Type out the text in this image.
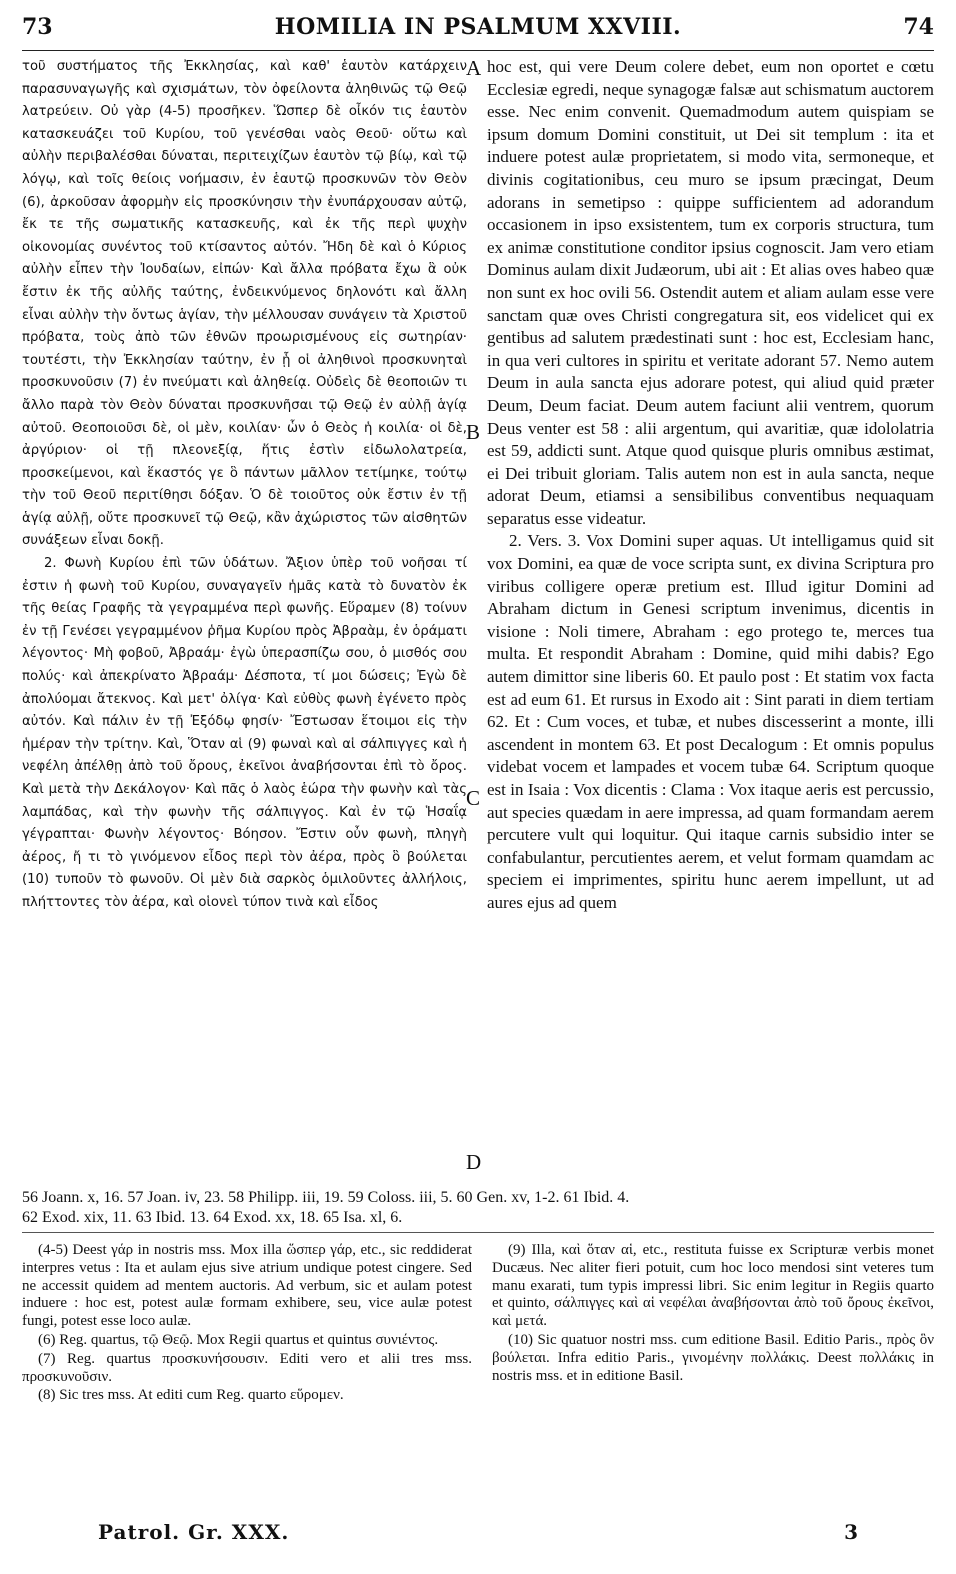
73	HOMILIA IN PSALMUM XXVIII.	74

τοῦ συστήματος τῆς Ἐκκλησίας, καὶ καθ' ἑαυτὸν κατάρχειν παρασυναγωγῆς καὶ σχισμάτων, τὸν ὀφείλοντα ἀληθινῶς τῷ Θεῷ λατρεύειν. Οὐ γὰρ (4-5) προσῆκεν. Ὥσπερ δὲ οἶκόν τις ἑαυτὸν κατασκευάζει τοῦ Κυρίου, τοῦ γενέσθαι ναὸς Θεοῦ· οὕτω καὶ αὐλὴν περιβαλέσθαι δύναται, περιτειχίζων ἑαυτὸν τῷ βίῳ, καὶ τῷ λόγῳ, καὶ τοῖς θείοις νοήμασιν, ἐν ἑαυτῷ προσκυνῶν τὸν Θεὸν (6), ἀρκοῦσαν ἀφορμὴν εἰς προσκύνησιν τὴν ἐνυπάρχουσαν αὐτῷ, ἔκ τε τῆς σωματικῆς κατασκευῆς, καὶ ἐκ τῆς περὶ ψυχὴν οἰκονομίας συνέντος τοῦ κτίσαντος αὐτόν. Ἤδη δὲ καὶ ὁ Κύριος αὐλὴν εἶπεν τὴν Ἰουδαίων, εἰπών· Καὶ ἄλλα πρόβατα ἔχω ἃ οὐκ ἔστιν ἐκ τῆς αὐλῆς ταύτης, ἐνδεικνύμενος δηλονότι καὶ ἄλλη εἶναι αὐλὴν τὴν ὄντως ἁγίαν, τὴν μέλλουσαν συνάγειν τὰ Χριστοῦ πρόβατα, τοὺς ἀπὸ τῶν ἐθνῶν προωρισμένους εἰς σωτηρίαν· τουτέστι, τὴν Ἐκκλησίαν ταύτην, ἐν ᾗ οἱ ἀληθινοὶ προσκυνηταὶ προσκυνοῦσιν (7) ἐν πνεύματι καὶ ἀληθείᾳ. Οὐδεὶς δὲ θεοποιῶν τι ἄλλο παρὰ τὸν Θεὸν δύναται προσκυνῆσαι τῷ Θεῷ ἐν αὐλῇ ἁγίᾳ αὐτοῦ. Θεοποιοῦσι δὲ, οἱ μὲν, κοιλίαν· ὧν ὁ Θεὸς ἡ κοιλία· οἱ δὲ, ἀργύριον· οἱ τῇ πλεονεξίᾳ, ἥτις ἐστὶν εἰδωλολατρεία, προσκείμενοι, καὶ ἕκαστός γε ὃ πάντων μᾶλλον τετίμηκε, τούτῳ τὴν τοῦ Θεοῦ περιτίθησι δόξαν. Ὁ δὲ τοιοῦτος οὐκ ἔστιν ἐν τῇ ἁγίᾳ αὐλῇ, οὔτε προσκυνεῖ τῷ Θεῷ, κἂν ἀχώριστος τῶν αἰσθητῶν συνάξεων εἶναι δοκῇ.

2. Φωνὴ Κυρίου ἐπὶ τῶν ὑδάτων. Ἄξιον ὑπὲρ τοῦ νοῆσαι τί ἐστιν ἡ φωνὴ τοῦ Κυρίου, συναγαγεῖν ἡμᾶς κατὰ τὸ δυνατὸν ἐκ τῆς θείας Γραφῆς τὰ γεγραμμένα περὶ φωνῆς. Εὕραμεν (8) τοίνυν ἐν τῇ Γενέσει γεγραμμένον ῥῆμα Κυρίου πρὸς Ἀβραὰμ, ἐν ὁράματι λέγοντος· Μὴ φοβοῦ, Ἀβραάμ· ἐγὼ ὑπερασπίζω σου, ὁ μισθός σου πολύς· καὶ ἀπεκρίνατο Ἀβραάμ· Δέσποτα, τί μοι δώσεις; Ἐγὼ δὲ ἀπολύομαι ἄτεκνος. Καὶ μετ' ὀλίγα· Καὶ εὐθὺς φωνὴ ἐγένετο πρὸς αὐτόν. Καὶ πάλιν ἐν τῇ Ἐξόδῳ φησίν· Ἔστωσαν ἕτοιμοι εἰς τὴν ἡμέραν τὴν τρίτην. Καὶ, Ὅταν αἱ (9) φωναὶ καὶ αἱ σάλπιγγες καὶ ἡ νεφέλη ἀπέλθῃ ἀπὸ τοῦ ὄρους, ἐκεῖνοι ἀναβήσονται ἐπὶ τὸ ὄρος. Καὶ μετὰ τὴν Δεκάλογον· Καὶ πᾶς ὁ λαὸς ἑώρα τὴν φωνὴν καὶ τὰς λαμπάδας, καὶ τὴν φωνὴν τῆς σάλπιγγος. Καὶ ἐν τῷ Ἡσαΐᾳ γέγραπται· Φωνὴν λέγοντος· Βόησον. Ἔστιν οὖν φωνὴ, πληγὴ ἀέρος, ἤ τι τὸ γινόμενον εἶδος περὶ τὸν ἀέρα, πρὸς ὃ βούλεται (10) τυποῦν τὸ φωνοῦν. Οἱ μὲν διὰ σαρκὸς ὁμιλοῦντες ἀλλήλοις, πλήττοντες τὸν ἀέρα, καὶ οἱονεὶ τύπον τινὰ καὶ εἶδος

A
B
C
D

hoc est, qui vere Deum colere debet, eum non oportet e cœtu Ecclesiæ egredi, neque synagogæ falsæ aut schismatum auctorem esse. Nec enim convenit. Quemadmodum autem quispiam se ipsum domum Domini constituit, ut Dei sit templum : ita et induere potest aulæ proprietatem, si modo vita, sermoneque, et divinis cogitationibus, ceu muro se ipsum præcingat, Deum adorans in semetipso : quippe sufficientem ad adorandum occasionem in ipso exsistentem, tum ex corporis structura, tum ex animæ constitutione conditor ipsius cognoscit. Jam vero etiam Dominus aulam dixit Judæorum, ubi ait : Et alias oves habeo quæ non sunt ex hoc ovili 56. Ostendit autem et aliam aulam esse vere sanctam quæ oves Christi congregatura sit, eos videlicet qui ex gentibus ad salutem prædestinati sunt : hoc est, Ecclesiam hanc, in qua veri cultores in spiritu et veritate adorant 57. Nemo autem Deum in aula sancta ejus adorare potest, qui aliud quid præter Deum, Deum faciat. Deum autem faciunt alii ventrem, quorum Deus venter est 58 : alii argentum, qui avaritiæ, quæ idololatria est 59, addicti sunt. Atque quod quisque pluris omnibus æstimat, ei Dei tribuit gloriam. Talis autem non est in aula sancta, neque adorat Deum, etiamsi a sensibilibus conventibus nequaquam separatus esse videatur.

2. Vers. 3. Vox Domini super aquas. Ut intelligamus quid sit vox Domini, ea quæ de voce scripta sunt, ex divina Scriptura pro viribus colligere operæ pretium est. Illud igitur Domini ad Abraham dictum in Genesi scriptum invenimus, dicentis in visione : Noli timere, Abraham : ego protego te, merces tua multa. Et respondit Abraham : Domine, quid mihi dabis? Ego autem dimittor sine liberis 60. Et paulo post : Et statim vox facta est ad eum 61. Et rursus in Exodo ait : Sint parati in diem tertiam 62. Et : Cum voces, et tubæ, et nubes discesserint a monte, illi ascendent in montem 63. Et post Decalogum : Et omnis populus videbat vocem et lampades et vocem tubæ 64. Scriptum quoque est in Isaia : Vox dicentis : Clama : Vox itaque aeris est percussio, aut species quædam in aere impressa, ad quam formandam aerem percutere vult qui loquitur. Qui itaque carnis subsidio inter se confabulantur, percutientes aerem, et velut formam quamdam ac speciem ei imprimentes, spiritu hunc aerem impellunt, ut ad aures ejus ad quem

56 Joann. x, 16. 57 Joan. iv, 23. 58 Philipp. iii, 19. 59 Coloss. iii, 5. 60 Gen. xv, 1-2. 61 Ibid. 4.
62 Exod. xix, 11. 63 Ibid. 13. 64 Exod. xx, 18. 65 Isa. xl, 6.

(4-5) Deest γάρ in nostris mss. Mox illa ὥσπερ γάρ, etc., sic reddiderat interpres vetus : Ita et aulam ejus sive atrium undique potest cingere. Sed ne accessit quidem ad mentem auctoris. Ad verbum, sic et aulam potest induere : hoc est, potest aulæ formam exhibere, seu, vice aulæ potest fungi, potest esse loco aulæ.

(6) Reg. quartus, τῷ Θεῷ. Mox Regii quartus et quintus συνιέντος.

(7) Reg. quartus προσκυνήσουσιν. Editi vero et alii tres mss. προσκυνοῦσιν.

(8) Sic tres mss. At editi cum Reg. quarto εὕρομεν.

(9) Illa, καὶ ὅταν αἱ, etc., restituta fuisse ex Scripturæ verbis monet Ducæus. Nec aliter fieri potuit, cum hoc loco mendosi sint veteres tum manu exarati, tum typis impressi libri. Sic enim legitur in Regiis quarto et quinto, σάλπιγγες καὶ αἱ νεφέλαι ἀναβήσονται ἀπὸ τοῦ ὄρους ἐκεῖνοι, καὶ μετά.

(10) Sic quatuor nostri mss. cum editione Basil. Editio Paris., πρὸς ὃν βούλεται. Infra editio Paris., γινομένην πολλάκις. Deest πολλάκις in nostris mss. et in editione Basil.

Patrol. Gr. XXX.	3
